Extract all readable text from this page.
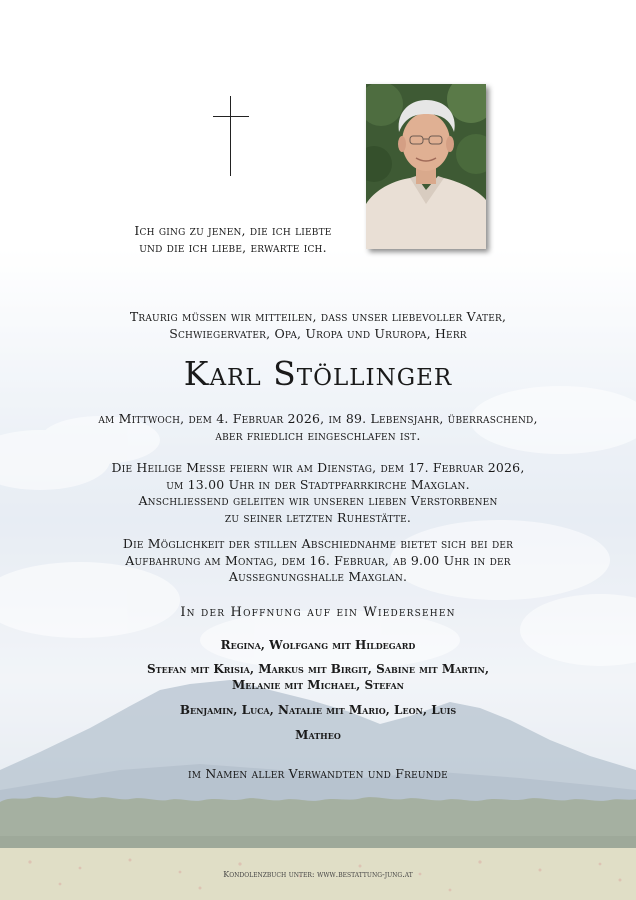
Ich ging zu jenen, die ich liebte
und die ich liebe, erwarte ich.
Traurig müssen wir mitteilen, dass unser liebevoller Vater,
Schwiegervater, Opa, Uropa und Ururopa, Herr
Karl Stöllinger
am Mittwoch, dem 4. Februar 2026, im 89. Lebensjahr, überraschend,
aber friedlich eingeschlafen ist.
Die Heilige Messe feiern wir am Dienstag, dem 17. Februar 2026,
um 13.00 Uhr in der Stadtpfarrkirche Maxglan.
Anschliessend geleiten wir unseren lieben Verstorbenen
zu seiner letzten Ruhestätte.
Die Möglichkeit der stillen Abschiednahme bietet sich bei der
Aufbahrung am Montag, dem 16. Februar, ab 9.00 Uhr in der
Aussegnungshalle Maxglan.
In der Hoffnung auf ein Wiedersehen
Regina, Wolfgang mit Hildegard
Stefan mit Krisia, Markus mit Birgit, Sabine mit Martin,
Melanie mit Michael, Stefan
Benjamin, Luca, Natalie mit Mario, Leon, Luis
Matheo
im Namen aller Verwandten und Freunde
Kondolenzbuch unter: www.bestattung-jung.at
